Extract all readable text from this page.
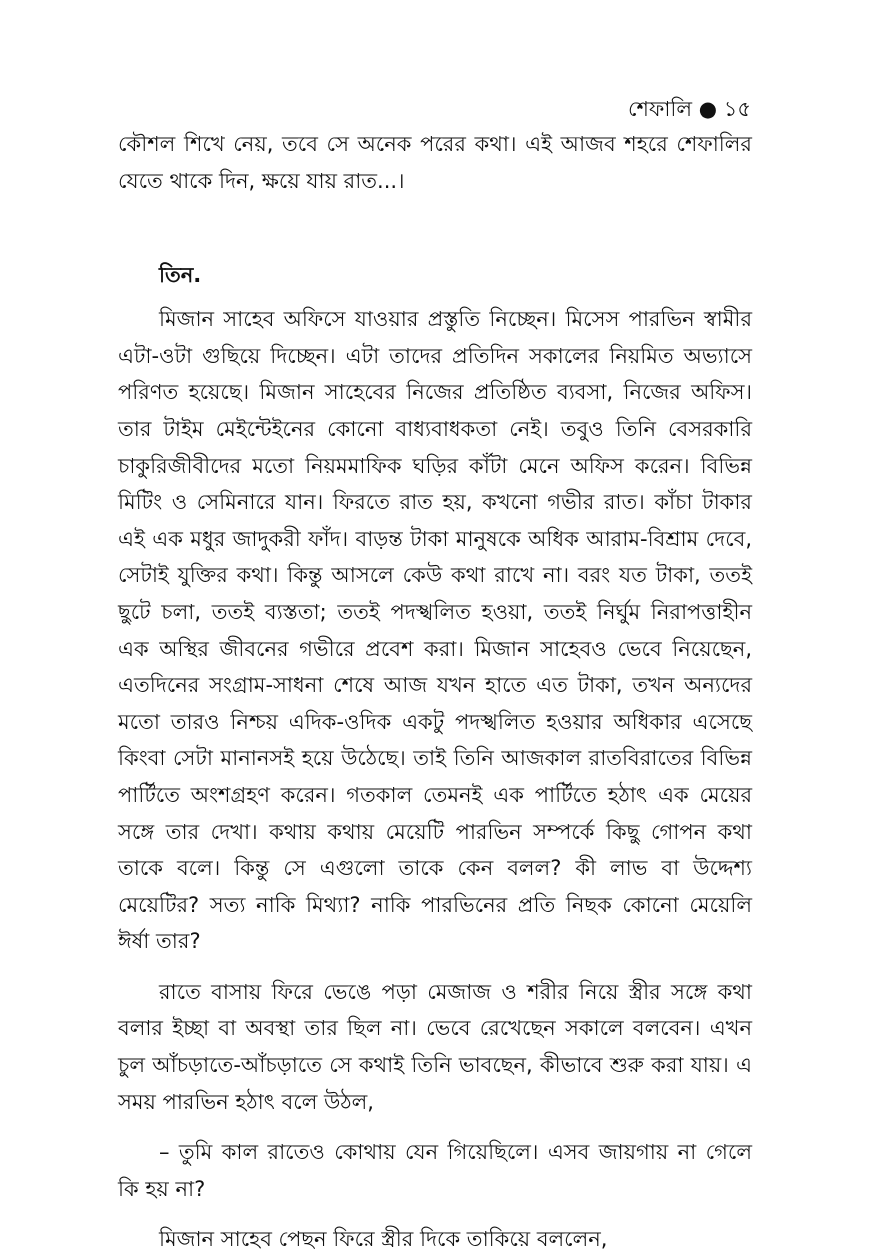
শেফালি ● ১৫

কৌশল শিখে নেয়, তবে সে অনেক পরের কথা। এই আজব শহরে শেফালির যেতে থাকে দিন, ক্ষয়ে যায় রাত...।

তিন.

মিজান সাহেব অফিসে যাওয়ার প্রস্তুতি নিচ্ছেন। মিসেস পারভিন স্বামীর এটা-ওটা গুছিয়ে দিচ্ছেন। এটা তাদের প্রতিদিন সকালের নিয়মিত অভ্যাসে পরিণত হয়েছে। মিজান সাহেবের নিজের প্রতিষ্ঠিত ব্যবসা, নিজের অফিস। তার টাইম মেইন্টেইনের কোনো বাধ্যবাধকতা নেই। তবুও তিনি বেসরকারি চাকুরিজীবীদের মতো নিয়মমাফিক ঘড়ির কাঁটা মেনে অফিস করেন। বিভিন্ন মিটিং ও সেমিনারে যান। ফিরতে রাত হয়, কখনো গভীর রাত। কাঁচা টাকার এই এক মধুর জাদুকরী ফাঁদ। বাড়ন্ত টাকা মানুষকে অধিক আরাম-বিশ্রাম দেবে, সেটাই যুক্তির কথা। কিন্তু আসলে কেউ কথা রাখে না। বরং যত টাকা, ততই ছুটে চলা, ততই ব্যস্ততা; ততই পদস্খলিত হওয়া, ততই নির্ঘুম নিরাপত্তাহীন এক অস্থির জীবনের গভীরে প্রবেশ করা। মিজান সাহেবও ভেবে নিয়েছেন, এতদিনের সংগ্রাম-সাধনা শেষে আজ যখন হাতে এত টাকা, তখন অন্যদের মতো তারও নিশ্চয় এদিক-ওদিক একটু পদস্খলিত হওয়ার অধিকার এসেছে কিংবা সেটা মানানসই হয়ে উঠেছে। তাই তিনি আজকাল রাতবিরাতের বিভিন্ন পার্টিতে অংশগ্রহণ করেন। গতকাল তেমনই এক পার্টিতে হঠাৎ এক মেয়ের সঙ্গে তার দেখা। কথায় কথায় মেয়েটি পারভিন সম্পর্কে কিছু গোপন কথা তাকে বলে। কিন্তু সে এগুলো তাকে কেন বলল? কী লাভ বা উদ্দেশ্য মেয়েটির? সত্য নাকি মিথ্যা? নাকি পারভিনের প্রতি নিছক কোনো মেয়েলি ঈর্ষা তার?

রাতে বাসায় ফিরে ভেঙে পড়া মেজাজ ও শরীর নিয়ে স্ত্রীর সঙ্গে কথা বলার ইচ্ছা বা অবস্থা তার ছিল না। ভেবে রেখেছেন সকালে বলবেন। এখন চুল আঁচড়াতে-আঁচড়াতে সে কথাই তিনি ভাবছেন, কীভাবে শুরু করা যায়। এ সময় পারভিন হঠাৎ বলে উঠল,

– তুমি কাল রাতেও কোথায় যেন গিয়েছিলে। এসব জায়গায় না গেলে কি হয় না?

মিজান সাহেব পেছন ফিরে স্ত্রীর দিকে তাকিয়ে বললেন,
